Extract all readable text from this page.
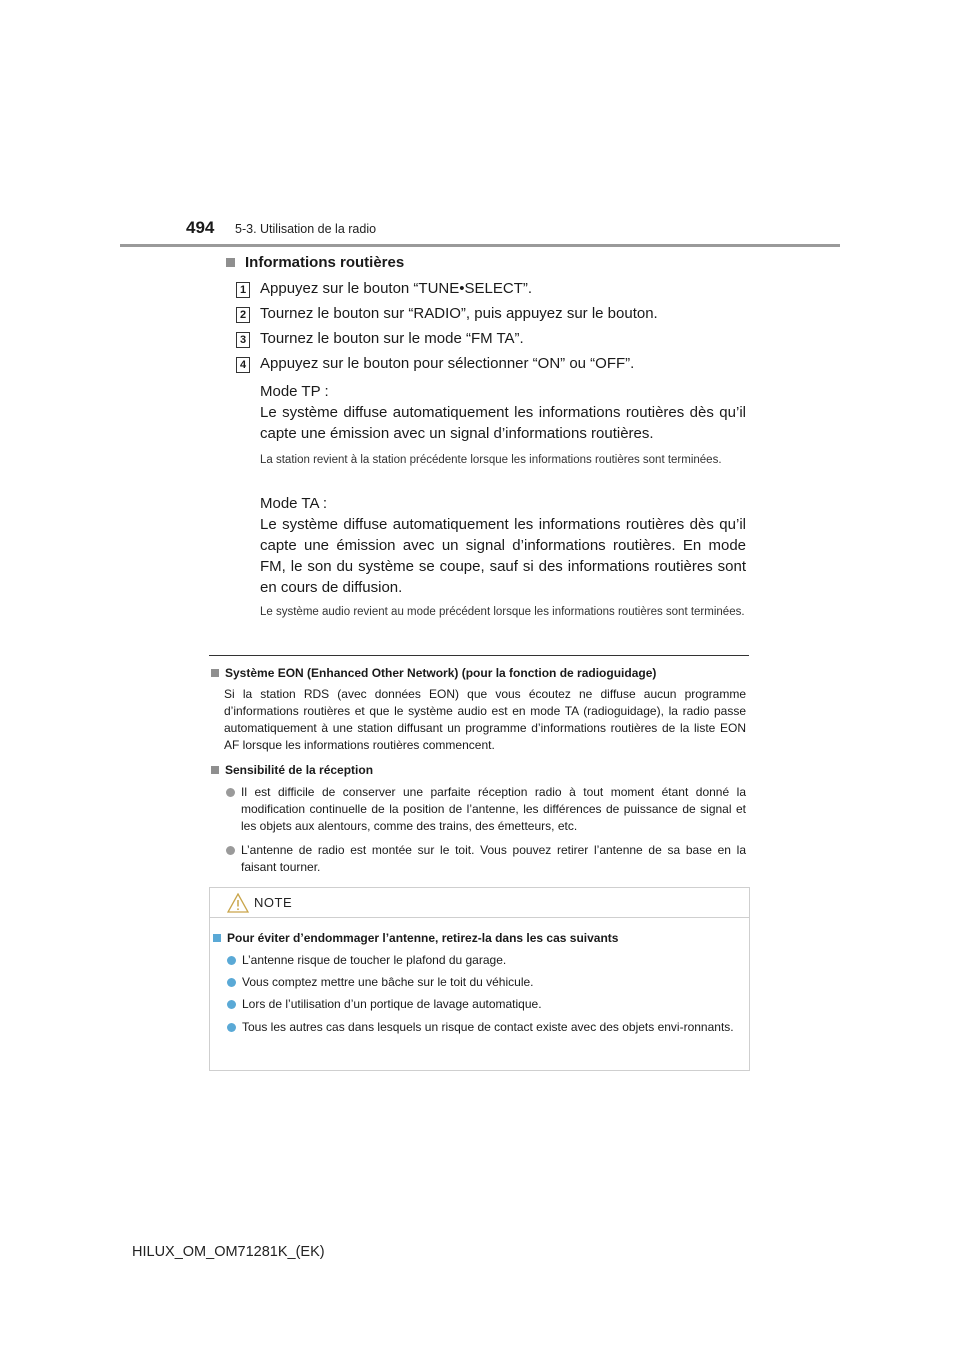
494 5-3. Utilisation de la radio
Informations routières
1 Appuyez sur le bouton “TUNE•SELECT”.
2 Tournez le bouton sur “RADIO”, puis appuyez sur le bouton.
3 Tournez le bouton sur le mode “FM TA”.
4 Appuyez sur le bouton pour sélectionner “ON” ou “OFF”.
Mode TP :
Le système diffuse automatiquement les informations routières dès qu’il capte une émission avec un signal d’informations routières.
La station revient à la station précédente lorsque les informations routières sont terminées.
Mode TA :
Le système diffuse automatiquement les informations routières dès qu’il capte une émission avec un signal d’informations routières. En mode FM, le son du système se coupe, sauf si des informations routières sont en cours de diffusion.
Le système audio revient au mode précédent lorsque les informations routières sont terminées.
Système EON (Enhanced Other Network) (pour la fonction de radioguidage)
Si la station RDS (avec données EON) que vous écoutez ne diffuse aucun programme d’informations routières et que le système audio est en mode TA (radioguidage), la radio passe automatiquement à une station diffusant un programme d’informations routières de la liste EON AF lorsque les informations routières commencent.
Sensibilité de la réception
Il est difficile de conserver une parfaite réception radio à tout moment étant donné la modification continuelle de la position de l’antenne, les différences de puissance de signal et les objets aux alentours, comme des trains, des émetteurs, etc.
L’antenne de radio est montée sur le toit. Vous pouvez retirer l’antenne de sa base en la faisant tourner.
NOTE
Pour éviter d’endommager l’antenne, retirez-la dans les cas suivants
L’antenne risque de toucher le plafond du garage.
Vous comptez mettre une bâche sur le toit du véhicule.
Lors de l’utilisation d’un portique de lavage automatique.
Tous les autres cas dans lesquels un risque de contact existe avec des objets envi-ronnants.
HILUX_OM_OM71281K_(EK)
